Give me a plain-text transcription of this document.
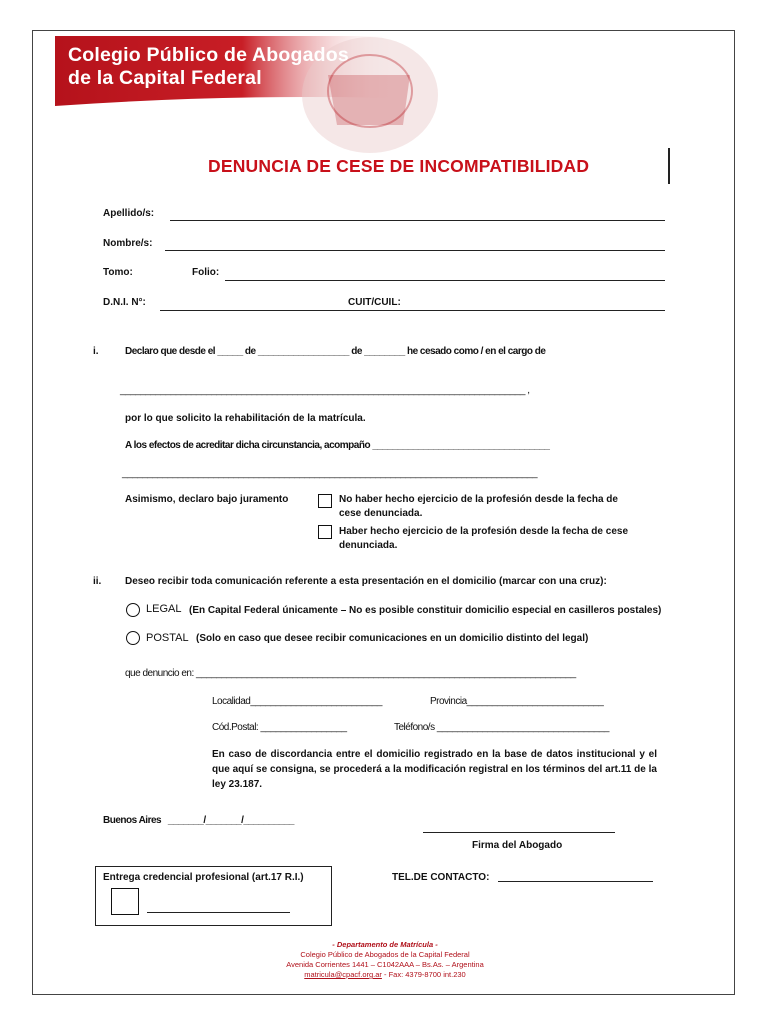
Colegio Público de Abogados
de la Capital Federal
DENUNCIA DE CESE DE INCOMPATIBILIDAD
Apellido/s:
Nombre/s:
Tomo:	Folio:
D.N.I. N°:	CUIT/CUIL:
i.	Declaro que desde el _____ de __________________ de ________ he cesado como / en el cargo de
________________________________________________________________________________ ,
por lo que solicito la rehabilitación de la matrícula.
A los efectos de acreditar dicha circunstancia, acompaño ___________________________________
__________________________________________________________________________________
Asimismo, declaro bajo juramento	No haber hecho ejercicio de la profesión desde la fecha de
cese denunciada.
Haber hecho ejercicio de la profesión desde la fecha de cese
denunciada.
ii. Deseo recibir toda comunicación referente a esta presentación en el domicilio (marcar con una cruz):
LEGAL (En Capital Federal únicamente – No es posible constituir domicilio especial en casilleros postales)
POSTAL (Solo en caso que desee recibir comunicaciones en un domicilio distinto del legal)
que denuncio en: ___________________________________________________________________________
Localidad__________________________	Provincia___________________________
Cód.Postal: _________________	Teléfono/s __________________________________
En caso de discordancia entre el domicilio registrado en la base de datos institucional y el que aquí se consigna, se procederá a la modificación registral en los términos del art.11 de la ley 23.187.
Buenos Aires   _______/_______/__________
Firma del Abogado
Entrega credencial profesional (art.17 R.I.)	TEL.DE CONTACTO:
- Departamento de Matrícula -
Colegio Público de Abogados de la Capital Federal
Avenida Corrientes 1441 – C1042AAA – Bs.As. – Argentina
matricula@cpacf.org.ar - Fax: 4379-8700 int.230
